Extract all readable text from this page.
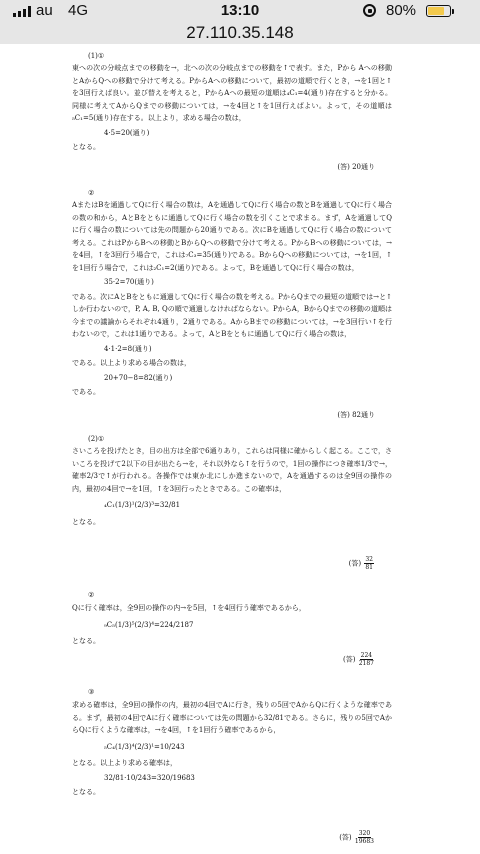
au 4G	13:10	80%
27.110.35.148
(1)①

東への次の分岐点までの移動を→，北への次の分岐点までの移動を↑で表す。また，Pから Aへの移動とAからQへの移動で分けて考える。PからAへの移動について，最初の道順で行くとき，→を1回と↑を3回行えば良い。並び替えを考えると，PからAへの最短の道順は₄C₁=4(通り)存在すると分かる。同様に考えてAからQまでの移動については，→を4回と↑を1回行えばよい。よって，その道順は₅C₁=5(通り)存在する。以上より，求める場合の数は，

4·5=20(通り)
となる。
(答) 20通り
②

AまたはBを通過してQに行く場合の数は，Aを通過してQに行く場合の数とBを通過してQに行く場合の数の和から，AとBをともに通過してQに行く場合の数を引くことで求まる。まず，Aを通過してQに行く場合の数については先の問題から20通りである。次にBを通過してQに行く場合の数について考える。これはPからBへの移動とBからQへの移動で分けて考える。PからBへの移動については，→を4回，↑を3回行う場合で，これは₇C₃=35(通り)である。BからQへの移動については，→を1回，↑を1回行う場合で，これは₂C₁=2(通り)である。よって，Bを通過してQに行く場合の数は，

35·2=70(通り)

である。次にAとBをともに通過してQに行く場合の数を考える。PからQまでの最短の道順では→と↑しか行わないので，P, A, B, Qの順で通過しなければならない。PからA，BからQまでの移動の道順は今までの議論からそれぞれ4通り，2通りである。AからBまでの移動については，→を3回行い↑を行わないので，これは1通りである。よって，AとBをともに通過してQに行く場合の数は，

4·1·2=8(通り)

である。以上より求める場合の数は，

20+70−8=82(通り)
である。
(答) 82通り
(2)①

さいころを投げたとき，目の出方は全部で6通りあり，これらは同様に確からしく起こる。ここで，さいころを投げて2以下の目が出たら→を，それ以外なら↑を行うので，1回の操作につき確率1/3で→，確率2/3で↑が行われる。各操作では東か北にしか進まないので，Aを通過するのは全9回の操作の内，最初の4回で→を1回，↑を3回行ったときである。この確率は，

₄C₁(1/3)¹(2/3)³=32/81
となる。
(答) $\frac{32}{81}$
②

Qに行く確率は，全9回の操作の内→を5回，↑を4回行う確率であるから，

₉C₅(1/3)⁵(2/3)⁴=224/2187
となる。
(答) $\frac{224}{2187}$
③

求める確率は，全9回の操作の内，最初の4回でAに行き，残りの5回でAからQに行くような確率である。まず，最初の4回でAに行く確率については先の問題から32/81である。さらに，残りの5回でAからQに行くような確率は，→を4回，↑を1回行う確率であるから，

₅C₄(1/3)⁴(2/3)¹=10/243

となる。以上より求める確率は，

32/81·10/243=320/19683
となる。
(答) $\frac{320}{19683}$
